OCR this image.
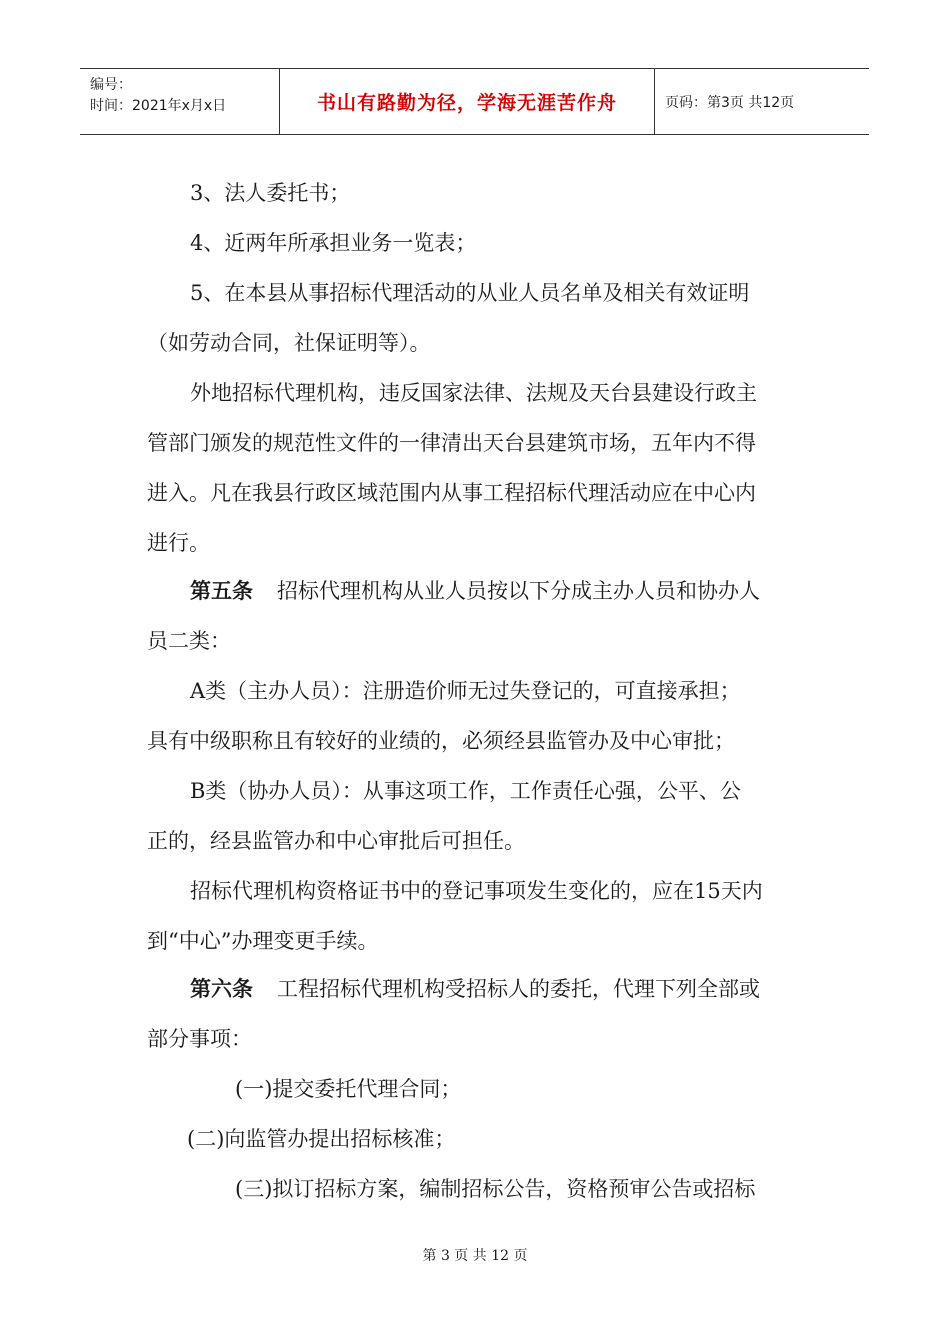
编号：
时间：2021年x月x日	书山有路勤为径，学海无涯苦作舟	页码：第3页 共12页
3、法人委托书；
4、近两年所承担业务一览表；
5、在本县从事招标代理活动的从业人员名单及相关有效证明
（如劳动合同，社保证明等）。
外地招标代理机构，违反国家法律、法规及天台县建设行政主
管部门颁发的规范性文件的一律清出天台县建筑市场，五年内不得
进入。凡在我县行政区域范围内从事工程招标代理活动应在中心内
进行。
第五条 招标代理机构从业人员按以下分成主办人员和协办人
员二类：
A类（主办人员）：注册造价师无过失登记的，可直接承担；
具有中级职称且有较好的业绩的，必须经县监管办及中心审批；
B类（协办人员）：从事这项工作，工作责任心强，公平、公
正的，经县监管办和中心审批后可担任。
招标代理机构资格证书中的登记事项发生变化的，应在15天内
到“中心”办理变更手续。
第六条 工程招标代理机构受招标人的委托，代理下列全部或
部分事项：
(一)提交委托代理合同；
(二)向监管办提出招标核准；
(三)拟订招标方案，编制招标公告，资格预审公告或招标
第 3 页 共 12 页
